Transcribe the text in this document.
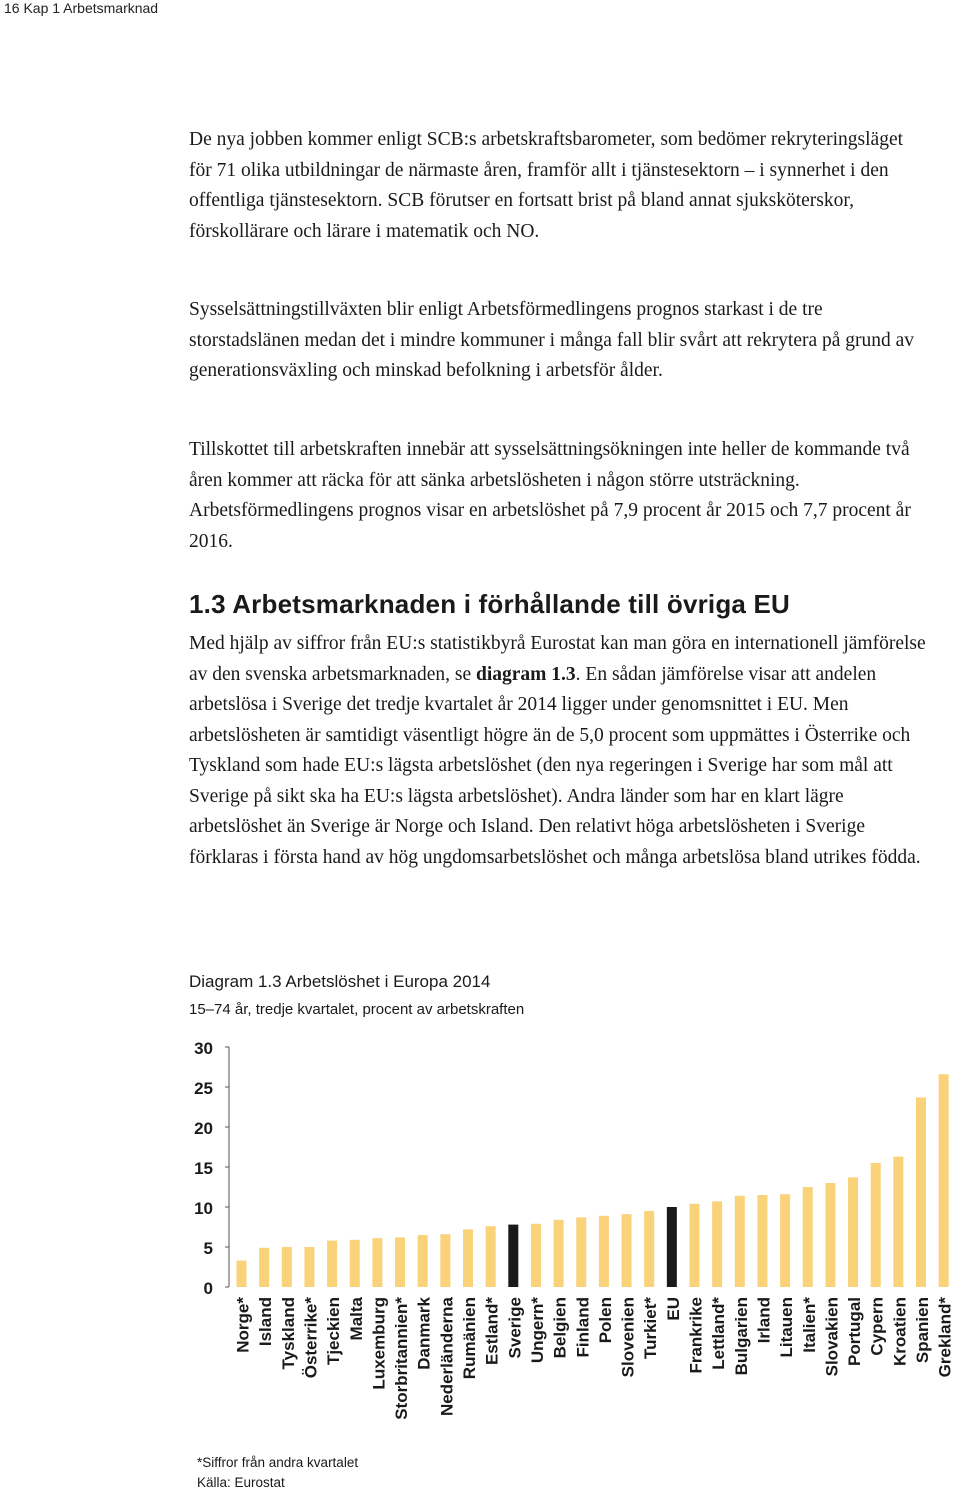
16 Kap 1 Arbetsmarknad

De nya jobben kommer enligt SCB:s arbetskraftsbarometer, som bedömer rekryteringsläget för 71 olika utbildningar de närmaste åren, framför allt i tjänstesektorn – i synnerhet i den offentliga tjänstesektorn. SCB förutser en fortsatt brist på bland annat sjuksköterskor, förskollärare och lärare i matematik och NO.

Sysselsättningstillväxten blir enligt Arbetsförmedlingens prognos starkast i de tre storstadslänen medan det i mindre kommuner i många fall blir svårt att rekrytera på grund av generationsväxling och minskad befolkning i arbetsför ålder.

Tillskottet till arbetskraften innebär att sysselsättningsökningen inte heller de kommande två åren kommer att räcka för att sänka arbetslösheten i någon större utsträckning. Arbetsförmedlingens prognos visar en arbetslöshet på 7,9 procent år 2015 och 7,7 procent år 2016.

1.3 Arbetsmarknaden i förhållande till övriga EU

Med hjälp av siffror från EU:s statistikbyrå Eurostat kan man göra en internationell jämförelse av den svenska arbetsmarknaden, se diagram 1.3. En sådan jämförelse visar att andelen arbetslösa i Sverige det tredje kvartalet år 2014 ligger under genomsnittet i EU. Men arbetslösheten är samtidigt väsentligt högre än de 5,0 procent som uppmättes i Österrike och Tyskland som hade EU:s lägsta arbetslöshet (den nya regeringen i Sverige har som mål att Sverige på sikt ska ha EU:s lägsta arbetslöshet). Andra länder som har en klart lägre arbetslöshet än Sverige är Norge och Island. Den relativt höga arbetslösheten i Sverige förklaras i första hand av hög ungdomsarbetslöshet och många arbetslösa bland utrikes födda.

Diagram 1.3 Arbetslöshet i Europa 2014
15–74 år, tredje kvartalet, procent av arbetskraften
0
5
10
15
20
25
30
Norge* Island Tyskland Österrike* Tjeckien Malta Luxemburg Storbritannien* Danmark Nederländerna Rumänien Estland* Sverige Ungern* Belgien Finland Polen Slovenien Turkiet* EU Frankrike Lettland* Bulgarien Irland Litauen Italien* Slovakien Portugal Cypern Kroatien Spanien Grekland*
*Siffror från andra kvartalet
Källa: Eurostat
